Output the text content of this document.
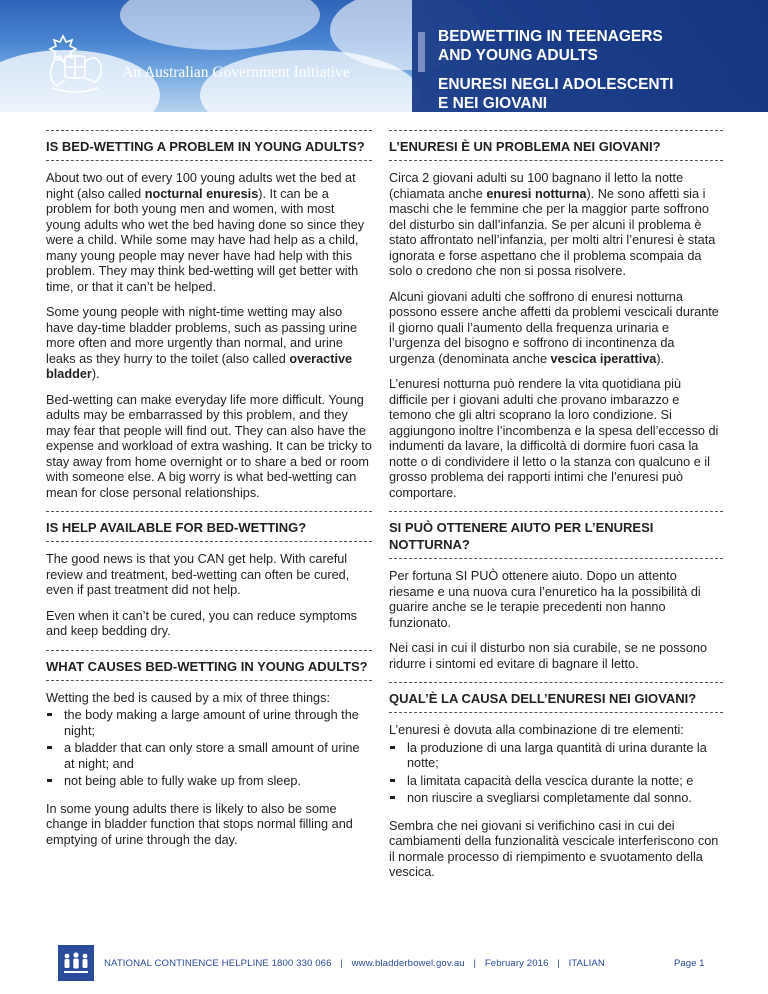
An Australian Government Initiative
BEDWETTING IN TEENAGERS
AND YOUNG ADULTS
ENURESI NEGLI ADOLESCENTI
E NEI GIOVANI
IS BED-WETTING A PROBLEM IN YOUNG ADULTS?

About two out of every 100 young adults wet the bed at night (also called nocturnal enuresis). It can be a problem for both young men and women, with most young adults who wet the bed having done so since they were a child. While some may have had help as a child, many young people may never have had help with this problem. They may think bed-wetting will get better with time, or that it can’t be helped.

Some young people with night-time wetting may also have day-time bladder problems, such as passing urine more often and more urgently than normal, and urine leaks as they hurry to the toilet (also called overactive bladder).

Bed-wetting can make everyday life more difficult. Young adults may be embarrassed by this problem, and they may fear that people will find out. They can also have the expense and workload of extra washing. It can be tricky to stay away from home overnight or to share a bed or room with someone else. A big worry is what bed-wetting can mean for close personal relationships.

IS HELP AVAILABLE FOR BED-WETTING?

The good news is that you CAN get help. With careful review and treatment, bed-wetting can often be cured, even if past treatment did not help.

Even when it can’t be cured, you can reduce symptoms and keep bedding dry.

WHAT CAUSES BED-WETTING IN YOUNG ADULTS?

Wetting the bed is caused by a mix of three things:

the body making a large amount of urine through the night;
a bladder that can only store a small amount of urine at night; and
not being able to fully wake up from sleep.

In some young adults there is likely to also be some change in bladder function that stops normal filling and emptying of urine through the day.

L’ENURESI È UN PROBLEMA NEI GIOVANI?

Circa 2 giovani adulti su 100 bagnano il letto la notte (chiamata anche enuresi notturna). Ne sono affetti sia i maschi che le femmine che per la maggior parte soffrono del disturbo sin dall’infanzia. Se per alcuni il problema è stato affrontato nell’infanzia, per molti altri l’enuresi è stata ignorata e forse aspettano che il problema scompaia da solo o credono che non si possa risolvere.

Alcuni giovani adulti che soffrono di enuresi notturna possono essere anche affetti da problemi vescicali durante il giorno quali l’aumento della frequenza urinaria e l’urgenza del bisogno e soffrono di incontinenza da urgenza (denominata anche vescica iperattiva).

L’enuresi notturna può rendere la vita quotidiana più difficile per i giovani adulti che provano imbarazzo e temono che gli altri scoprano la loro condizione. Si aggiungono inoltre l’incombenza e la spesa dell’eccesso di indumenti da lavare, la difficoltà di dormire fuori casa la notte o di condividere il letto o la stanza con qualcuno e il grosso problema dei rapporti intimi che l’enuresi può comportare.

SI PUÒ OTTENERE AIUTO PER L’ENURESI NOTTURNA?

Per fortuna SI PUÒ ottenere aiuto. Dopo un attento riesame e una nuova cura l’enuretico ha la possibilità di guarire anche se le terapie precedenti non hanno funzionato.

Nei casi in cui il disturbo non sia curabile, se ne possono ridurre i sintomi ed evitare di bagnare il letto.

QUAL’È LA CAUSA DELL’ENURESI NEI GIOVANI?

L’enuresi è dovuta alla combinazione di tre elementi:

la produzione di una larga quantità di urina durante la notte;
la limitata capacità della vescica durante la notte; e
non riuscire a svegliarsi completamente dal sonno.

Sembra che nei giovani si verifichino casi in cui dei cambiamenti della funzionalità vescicale interferiscono con il normale processo di riempimento e svuotamento della vescica.

NATIONAL CONTINENCE HELPLINE 1800 330 066 | www.bladderbowel.gov.au | February 2016 | ITALIAN	Page 1
